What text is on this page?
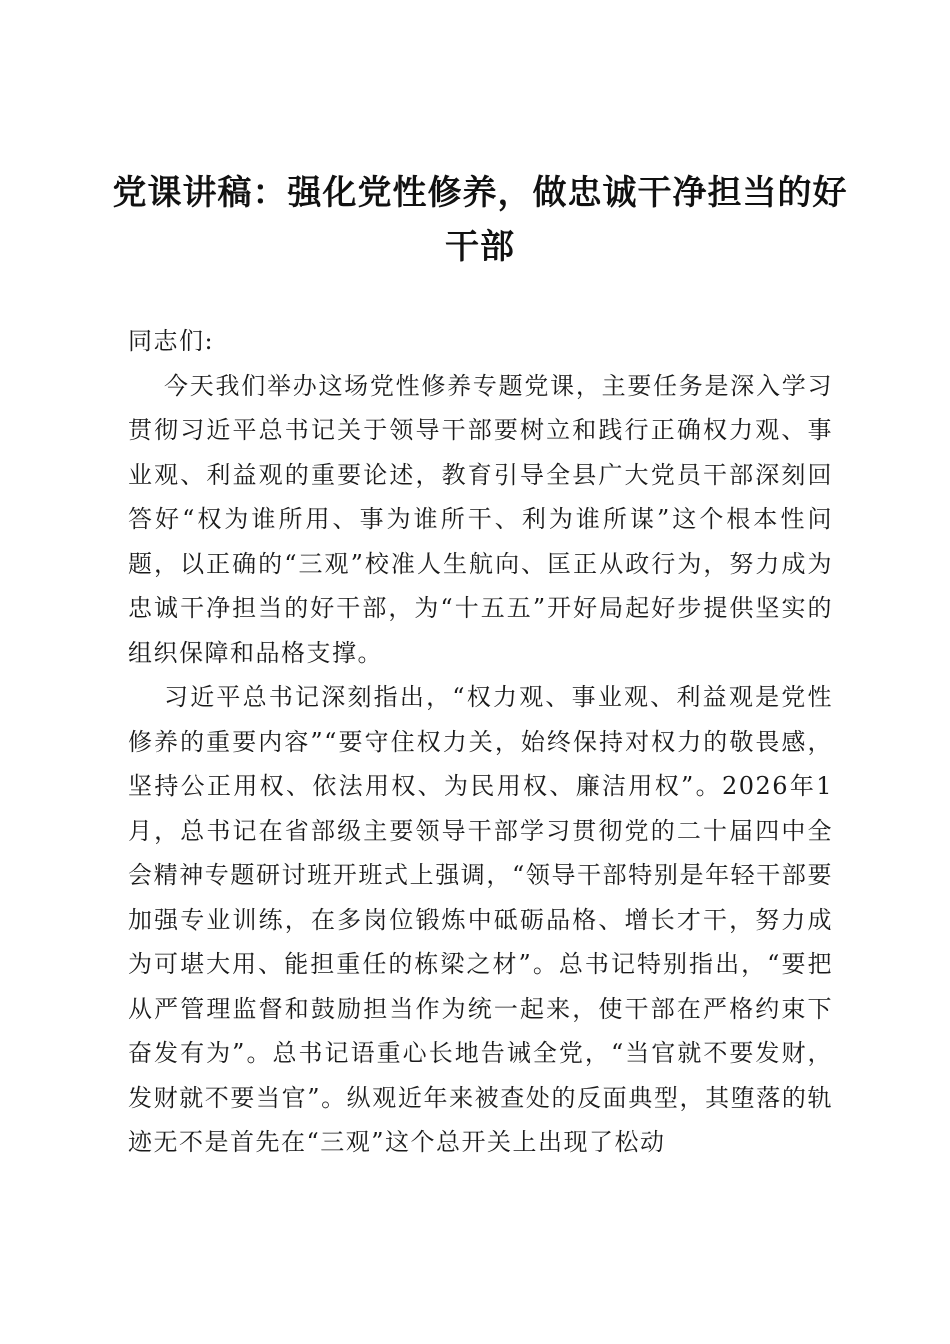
党课讲稿：强化党性修养，做忠诚干净担当的好干部

同志们:

今天我们举办这场党性修养专题党课，主要任务是深入学习贯彻习近平总书记关于领导干部要树立和践行正确权力观、事业观、利益观的重要论述，教育引导全县广大党员干部深刻回答好“权为谁所用、事为谁所干、利为谁所谋”这个根本性问题，以正确的“三观”校准人生航向、匡正从政行为，努力成为忠诚干净担当的好干部，为“十五五”开好局起好步提供坚实的组织保障和品格支撑。

习近平总书记深刻指出，“权力观、事业观、利益观是党性修养的重要内容”“要守住权力关，始终保持对权力的敬畏感，坚持公正用权、依法用权、为民用权、廉洁用权”。2026年1月，总书记在省部级主要领导干部学习贯彻党的二十届四中全会精神专题研讨班开班式上强调，“领导干部特别是年轻干部要加强专业训练，在多岗位锻炼中砥砺品格、增长才干，努力成为可堪大用、能担重任的栋梁之材”。总书记特别指出，“要把从严管理监督和鼓励担当作为统一起来，使干部在严格约束下奋发有为”。总书记语重心长地告诫全党，“当官就不要发财，发财就不要当官”。纵观近年来被查处的反面典型，其堕落的轨迹无不是首先在“三观”这个总开关上出现了松动
